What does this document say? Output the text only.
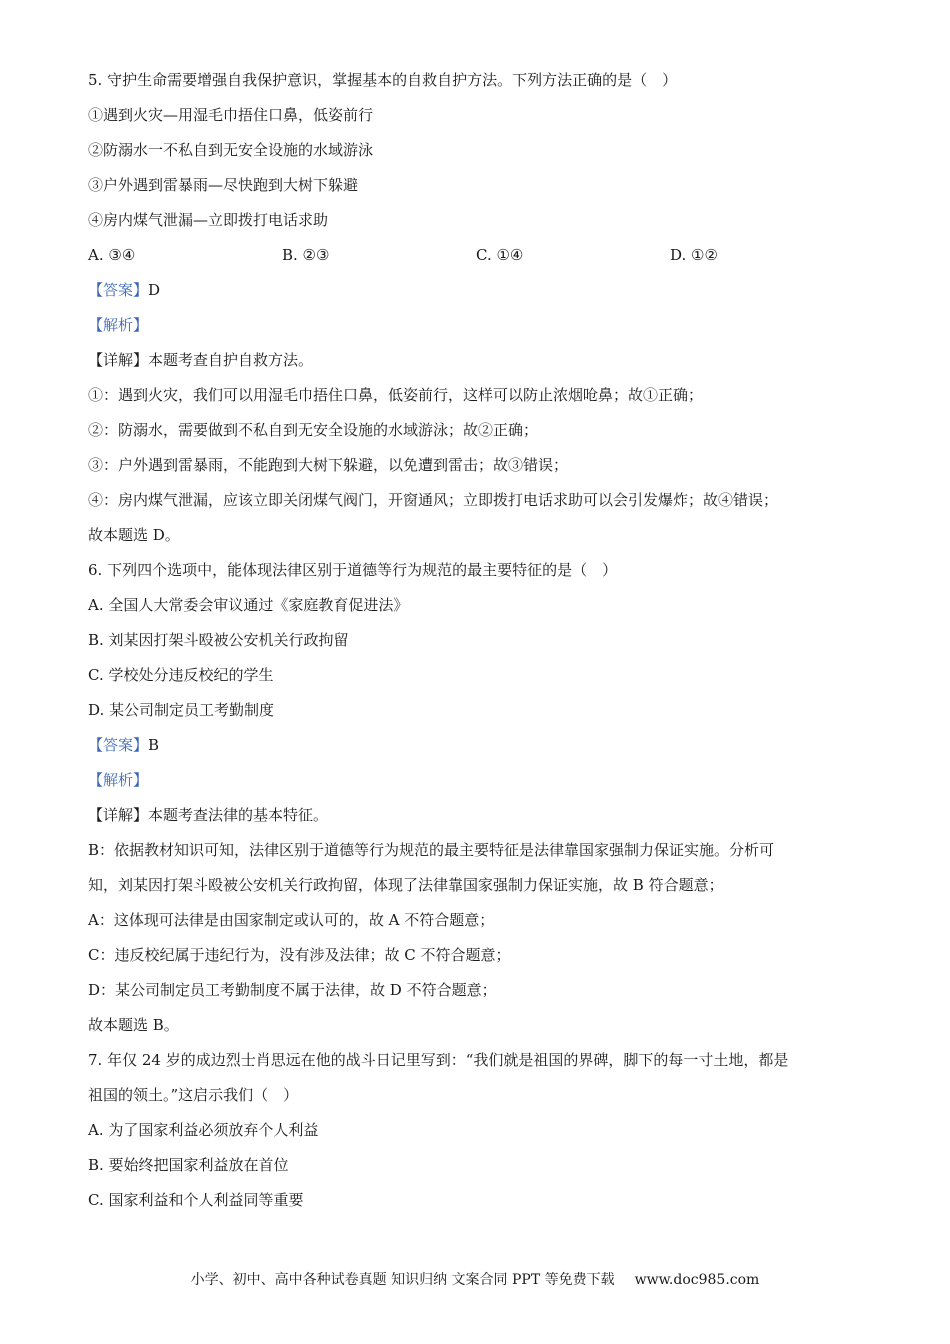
5. 守护生命需要增强自我保护意识，掌握基本的自救自护方法。下列方法正确的是（　）
①遇到火灾—用湿毛巾捂住口鼻，低姿前行
②防溺水一不私自到无安全设施的水域游泳
③户外遇到雷暴雨—尽快跑到大树下躲避
④房内煤气泄漏—立即拨打电话求助
A. ③④	B. ②③	C. ①④	D. ①②
【答案】D
【解析】
【详解】本题考查自护自救方法。
①：遇到火灾，我们可以用湿毛巾捂住口鼻，低姿前行，这样可以防止浓烟呛鼻；故①正确；
②：防溺水，需要做到不私自到无安全设施的水域游泳；故②正确；
③：户外遇到雷暴雨，不能跑到大树下躲避，以免遭到雷击；故③错误；
④：房内煤气泄漏，应该立即关闭煤气阀门，开窗通风；立即拨打电话求助可以会引发爆炸；故④错误；
故本题选 D。
6. 下列四个选项中，能体现法律区别于道德等行为规范的最主要特征的是（　）
A. 全国人大常委会审议通过《家庭教育促进法》
B. 刘某因打架斗殴被公安机关行政拘留
C. 学校处分违反校纪的学生
D. 某公司制定员工考勤制度
【答案】B
【解析】
【详解】本题考查法律的基本特征。
B：依据教材知识可知，法律区别于道德等行为规范的最主要特征是法律靠国家强制力保证实施。分析可
知，刘某因打架斗殴被公安机关行政拘留，体现了法律靠国家强制力保证实施，故 B 符合题意；
A：这体现可法律是由国家制定或认可的，故 A 不符合题意；
C：违反校纪属于违纪行为，没有涉及法律；故 C 不符合题意；
D：某公司制定员工考勤制度不属于法律，故 D 不符合题意；
故本题选 B。
7. 年仅 24 岁的成边烈士肖思远在他的战斗日记里写到：“我们就是祖国的界碑，脚下的每一寸土地，都是
祖国的领土。”这启示我们（　）
A. 为了国家利益必须放弃个人利益
B. 要始终把国家利益放在首位
C. 国家利益和个人利益同等重要
小学、初中、高中各种试卷真题 知识归纳 文案合同 PPT 等免费下载 www.doc985.com
